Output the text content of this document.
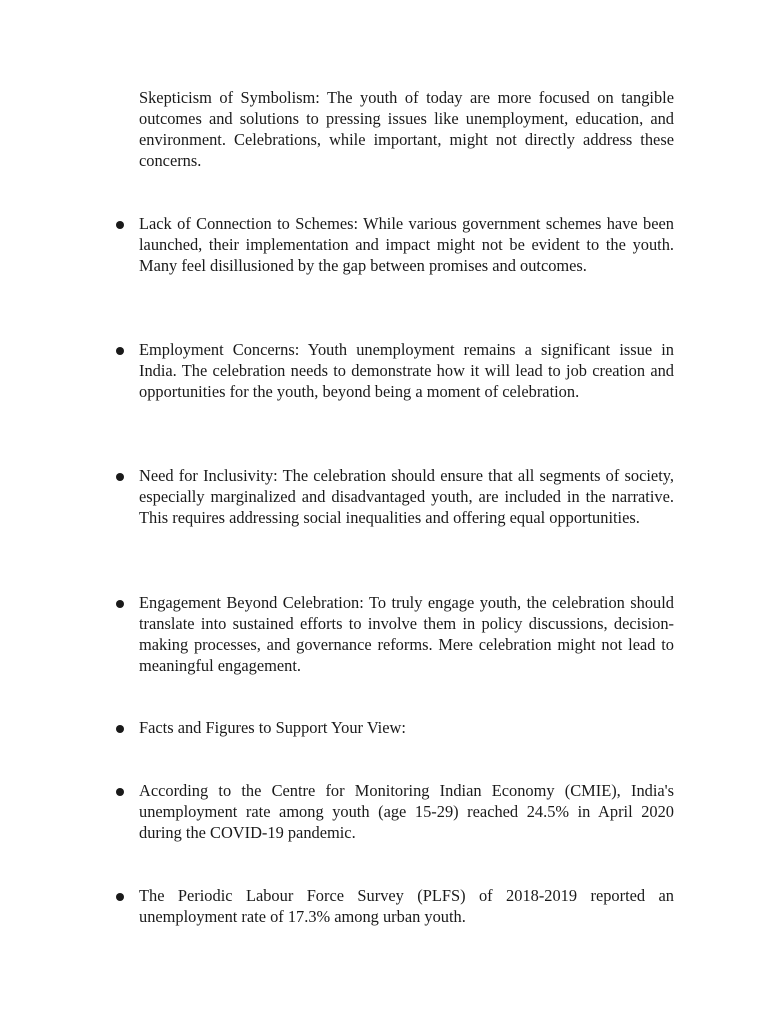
Skepticism of Symbolism: The youth of today are more focused on tangible outcomes and solutions to pressing issues like unemployment, education, and environment. Celebrations, while important, might not directly address these concerns.

Lack of Connection to Schemes: While various government schemes have been launched, their implementation and impact might not be evident to the youth. Many feel disillusioned by the gap between promises and outcomes.

Employment Concerns: Youth unemployment remains a significant issue in India. The celebration needs to demonstrate how it will lead to job creation and opportunities for the youth, beyond being a moment of celebration.

Need for Inclusivity: The celebration should ensure that all segments of society, especially marginalized and disadvantaged youth, are included in the narrative. This requires addressing social inequalities and offering equal opportunities.

Engagement Beyond Celebration: To truly engage youth, the celebration should translate into sustained efforts to involve them in policy discussions, decision-making processes, and governance reforms. Mere celebration might not lead to meaningful engagement.

Facts and Figures to Support Your View:

According to the Centre for Monitoring Indian Economy (CMIE), India's unemployment rate among youth (age 15-29) reached 24.5% in April 2020 during the COVID-19 pandemic.

The Periodic Labour Force Survey (PLFS) of 2018-2019 reported an unemployment rate of 17.3% among urban youth.
